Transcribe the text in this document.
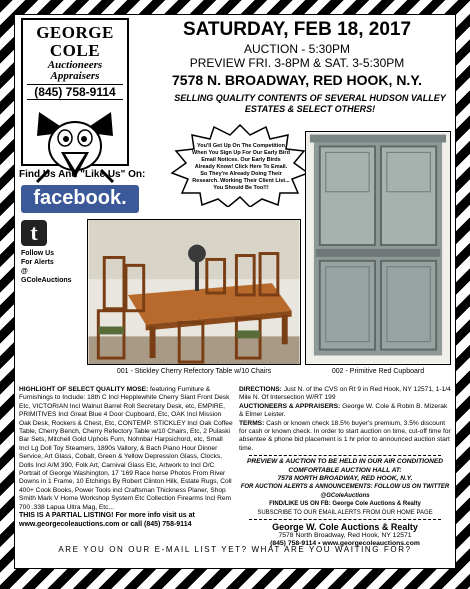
GEORGE COLE
Auctioneers
Appraisers
(845) 758-9114
Find Us And "Like Us" On:
facebook.
t
Follow Us
For Alerts
@
GColeAuctions
SATURDAY, FEB 18, 2017
AUCTION - 5:30PM
PREVIEW FRI. 3-8PM & SAT. 3-5:30PM
7578 N. BROADWAY, RED HOOK, N.Y.
SELLING QUALITY CONTENTS OF SEVERAL HUDSON VALLEY ESTATES & SELECT OTHERS!
You'll Get Up On The Competition When You Sign Up For Our Early Bird Email Notices. Our Early Birds Already Know! Click Here To Email. So They're Already Doing Their Research. Working Their Client List... You Should Be Too!!!
001 - Stickley Cherry Refectory Table w/10 Chairs	002 - Primitive Red Cupboard
HIGHLIGHT OF SELECT QUALITY MOSE: featuring Furniture & Furnishings to Include: 18th C Incl Hepplewhite Cherry Slant Front Desk Etc, VICTORIAN Incl Walnut Barrel Roll Secretary Desk, etc, EMPIRE, PRIMITIVES Incl Great Blue 4 Door Cupboard, Etc, OAK Incl Mission Oak Desk, Rockers & Chest, Etc, CONTEMP. STICKLEY Incl Oak Coffee Table, Cherry Bench, Cherry Refectory Table w/10 Chairs, Etc, 2 Pulaski Bar Sets, Mitchell Gold Uphols Furn, Nohnbar Harpsichord, etc, Small Incl Lg Doll Toy Steamers, 1890s Vallory, & Bach Piano Hour Dinner Service, Art Glass, Cobalt, Green & Yellow Depression Glass, Clocks, Dolls Incl A/M 390, Folk Art, Carnival Glass Etc, Artwork to Incl O/C Portrait of George Washington, 17 '169 Race horse Photos From River Downs in 1 Frame, 10 Etchings By Robert Clinton Hilk, Estate Rugs, Coll 400+ Cook Books, Power Tools incl Craftsman Thickness Planer, Shop Smith Mark V Home Workshop System Etc Collection Firearms Incl Rem 700 .338 Lapua Ultra Mag, Etc...
THIS IS A PARTIAL LISTING! For more info visit us at
www.georgecoleauctions.com or call (845) 758-9114
DIRECTIONS: Just N. of the CVS on Rt 9 in Red Hook, NY 12571, 1-1/4 Mile N. Of Intersection W/RT 199
AUCTIONEERS & APPRAISERS: George W. Cole & Robin B. Mizerak & Elmer Leister.
TERMS: Cash or known check 18.5% buyer's premium, 3.5% discount for cash or known check. In order to start auction on time, cut-off time for absentee & phone bid placement is 1 hr prior to announced auction start time.
PREVIEW & AUCTION TO BE HELD IN OUR AIR CONDITIONED COMFORTABLE AUCTION HALL AT:
7578 NORTH BROADWAY, RED HOOK, N.Y.
FOR AUCTION ALERTS & ANNOUNCEMENTS: FOLLOW US ON TWITTER @GColeAuctions
FIND/LIKE US ON FB: George Cole Auctions & Realty
SUBSCRIBE TO OUR EMAIL ALERTS FROM OUR HOME PAGE
George W. Cole Auctions & Realty
7578 North Broadway, Red Hook, NY 12571
(845) 758-9114 • www.georgecoleauctions.com
ARE YOU ON OUR E-MAIL LIST YET? WHAT ARE YOU WAITING FOR?
